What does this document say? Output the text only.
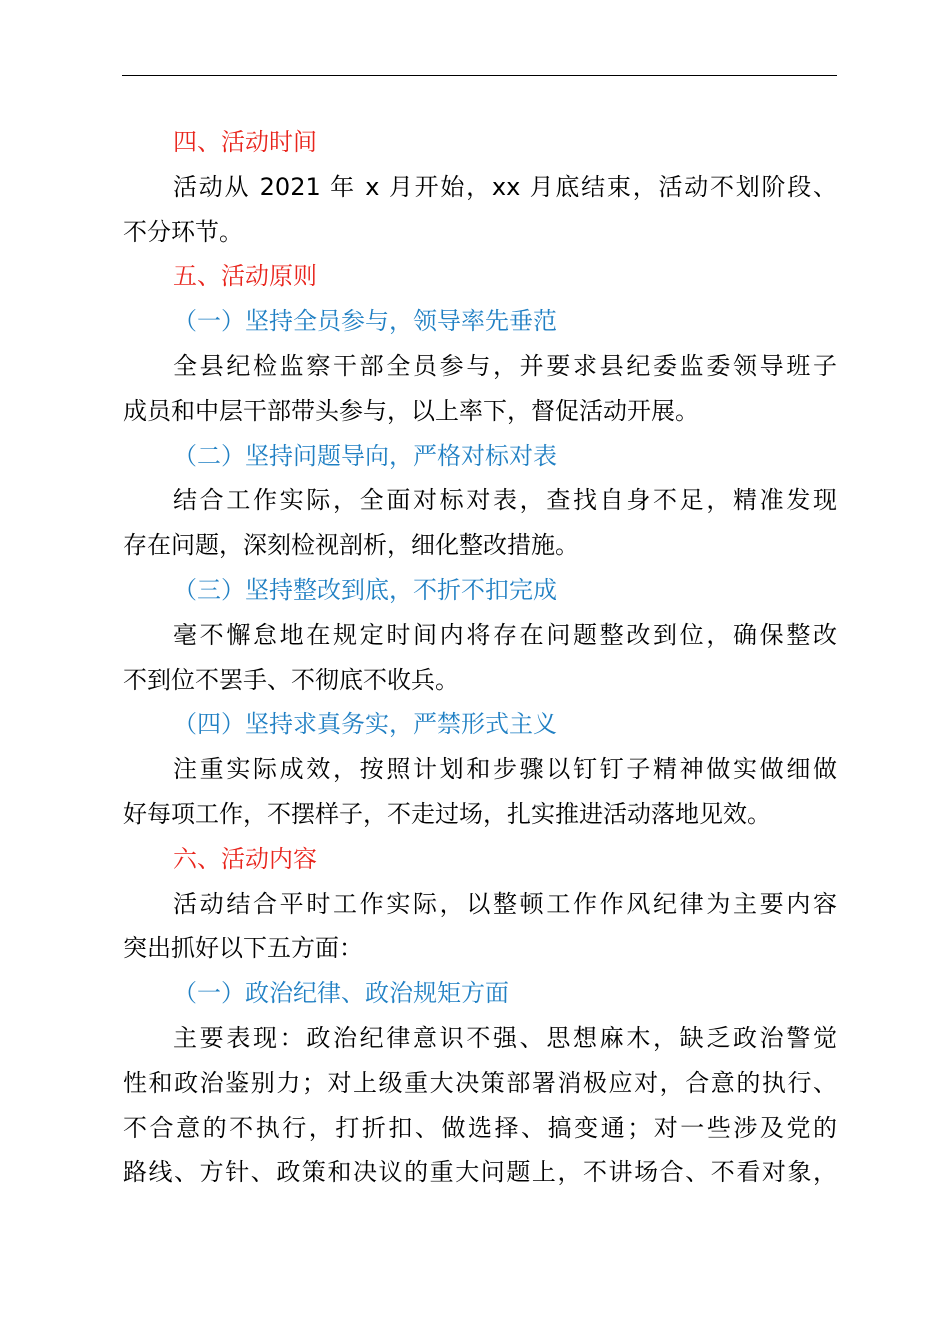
四、活动时间
活动从 2021 年 x 月开始，xx 月底结束，活动不划阶段、
不分环节。
五、活动原则
（一）坚持全员参与，领导率先垂范
全县纪检监察干部全员参与，并要求县纪委监委领导班子
成员和中层干部带头参与，以上率下，督促活动开展。
（二）坚持问题导向，严格对标对表
结合工作实际，全面对标对表，查找自身不足，精准发现
存在问题，深刻检视剖析，细化整改措施。
（三）坚持整改到底，不折不扣完成
毫不懈怠地在规定时间内将存在问题整改到位，确保整改
不到位不罢手、不彻底不收兵。
（四）坚持求真务实，严禁形式主义
注重实际成效，按照计划和步骤以钉钉子精神做实做细做
好每项工作，不摆样子，不走过场，扎实推进活动落地见效。
六、活动内容
活动结合平时工作实际，以整顿工作作风纪律为主要内容
突出抓好以下五方面：
（一）政治纪律、政治规矩方面
主要表现：政治纪律意识不强、思想麻木，缺乏政治警觉
性和政治鉴别力；对上级重大决策部署消极应对，合意的执行、
不合意的不执行，打折扣、做选择、搞变通；对一些涉及党的
路线、方针、政策和决议的重大问题上，不讲场合、不看对象，
